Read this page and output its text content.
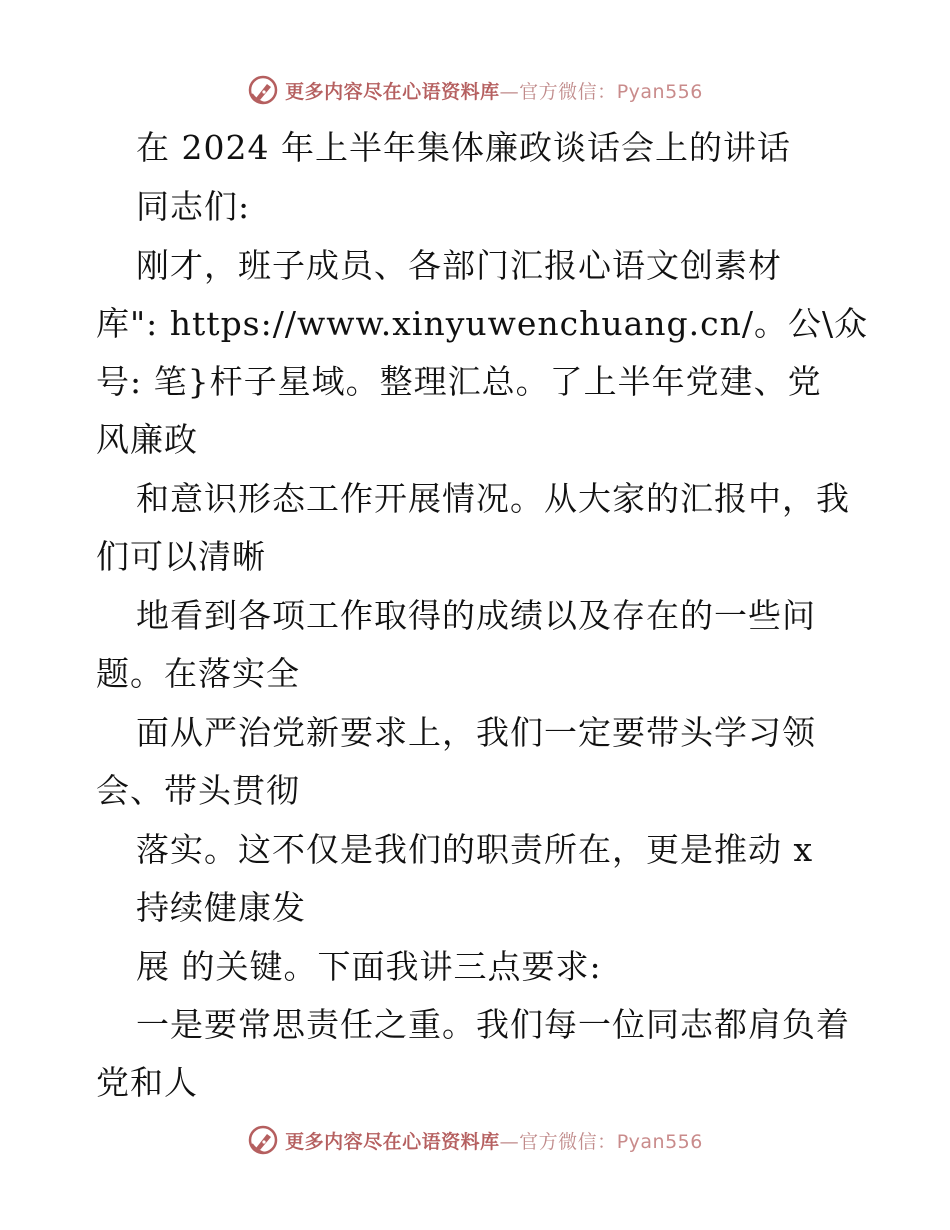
更多内容尽在心语资料库—官方微信：Pyan556
在 2024 年上半年集体廉政谈话会上的讲话
同志们:
刚才，班子成员、各部门汇报心语文创素材
库": https://www.xinyuwenchuang.cn/。公\众
号: 笔}杆子星域。整理汇总。了上半年党建、党
风廉政
和意识形态工作开展情况。从大家的汇报中，我
们可以清晰
地看到各项工作取得的成绩以及存在的一些问
题。在落实全
面从严治党新要求上，我们一定要带头学习领
会、带头贯彻
落实。这不仅是我们的职责所在，更是推动 x
持续健康发
展 的关键。下面我讲三点要求:
一是要常思责任之重。我们每一位同志都肩负着
党和人
更多内容尽在心语资料库—官方微信：Pyan556
